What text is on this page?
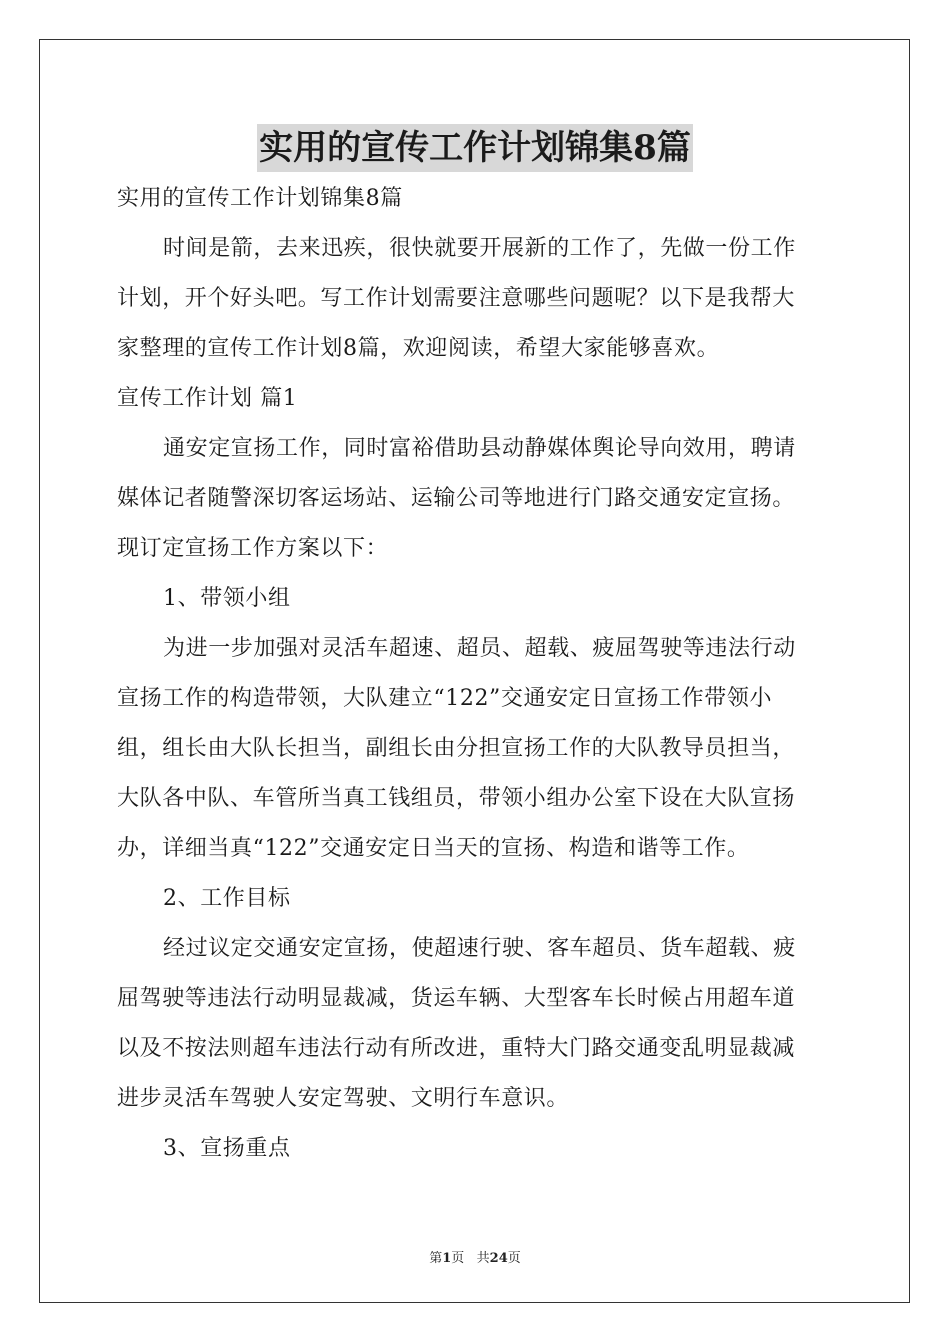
实用的宣传工作计划锦集8篇
实用的宣传工作计划锦集8篇
时间是箭，去来迅疾，很快就要开展新的工作了，先做一份工作
计划，开个好头吧。写工作计划需要注意哪些问题呢？以下是我帮大
家整理的宣传工作计划8篇，欢迎阅读，希望大家能够喜欢。
宣传工作计划 篇1
通安定宣扬工作，同时富裕借助县动静媒体舆论导向效用，聘请
媒体记者随警深切客运场站、运输公司等地进行门路交通安定宣扬。
现订定宣扬工作方案以下：
1、带领小组
为进一步加强对灵活车超速、超员、超载、疲屈驾驶等违法行动
宣扬工作的构造带领，大队建立“122”交通安定日宣扬工作带领小
组，组长由大队长担当，副组长由分担宣扬工作的大队教导员担当，
大队各中队、车管所当真工钱组员，带领小组办公室下设在大队宣扬
办，详细当真“122”交通安定日当天的宣扬、构造和谐等工作。
2、工作目标
经过议定交通安定宣扬，使超速行驶、客车超员、货车超载、疲
屈驾驶等违法行动明显裁减，货运车辆、大型客车长时候占用超车道
以及不按法则超车违法行动有所改进，重特大门路交通变乱明显裁减
进步灵活车驾驶人安定驾驶、文明行车意识。
3、宣扬重点
第1页   共24页
